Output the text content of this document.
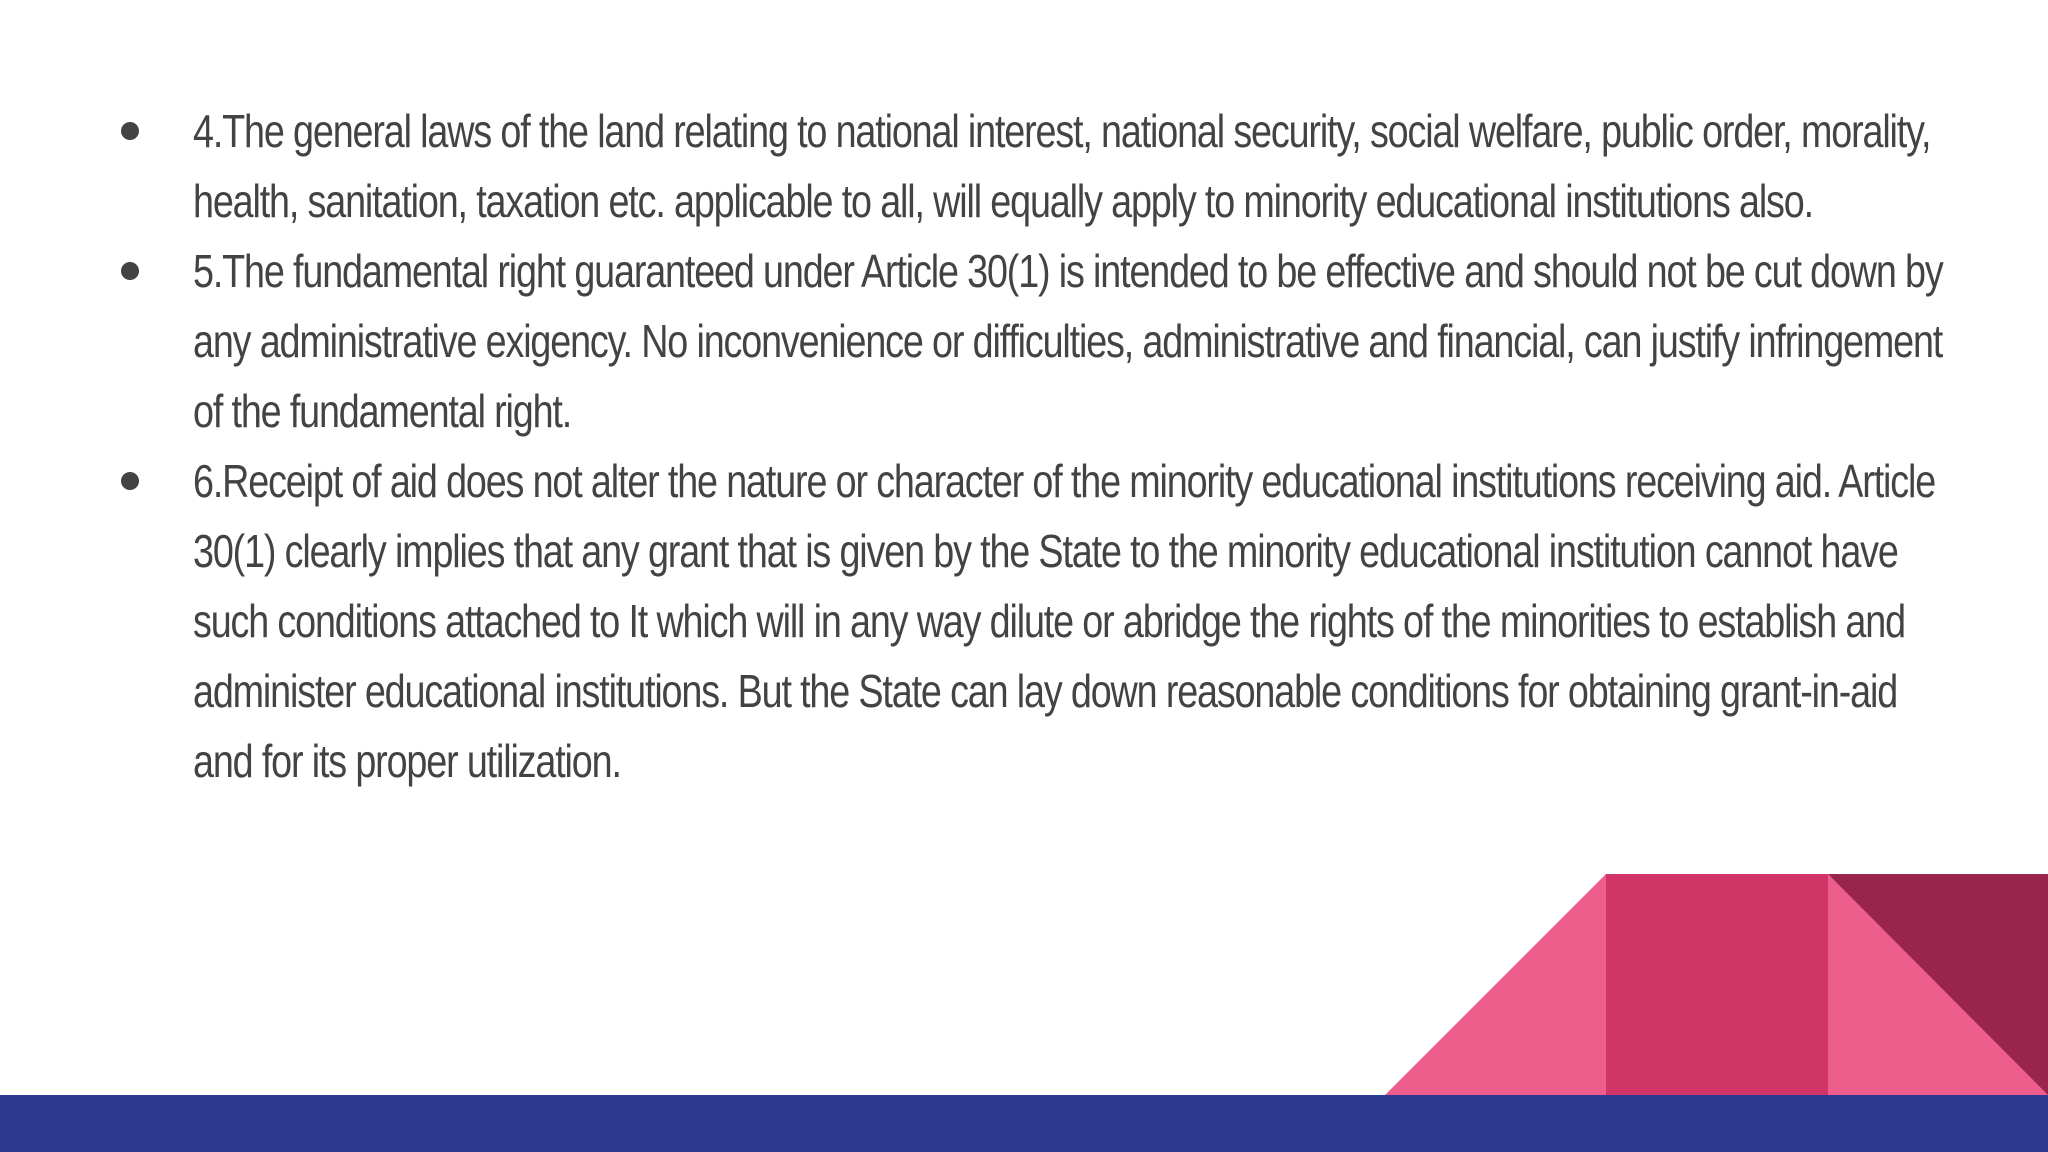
4.The general laws of the land relating to national interest, national security, social welfare, public order, morality, health, sanitation, taxation etc. applicable to all, will equally apply to minority educational institutions also.
5.The fundamental right guaranteed under Article 30(1) is intended to be effective and should not be cut down by any administrative exigency. No inconvenience or difficulties, administrative and financial, can justify infringement of the fundamental right.
6.Receipt of aid does not alter the nature or character of the minority educational institutions receiving aid. Article 30(1) clearly implies that any grant that is given by the State to the minority educational institution cannot have such conditions attached to It which will in any way dilute or abridge the rights of the minorities to establish and administer educational institutions. But the State can lay down reasonable conditions for obtaining grant-in-aid and for its proper utilization.
